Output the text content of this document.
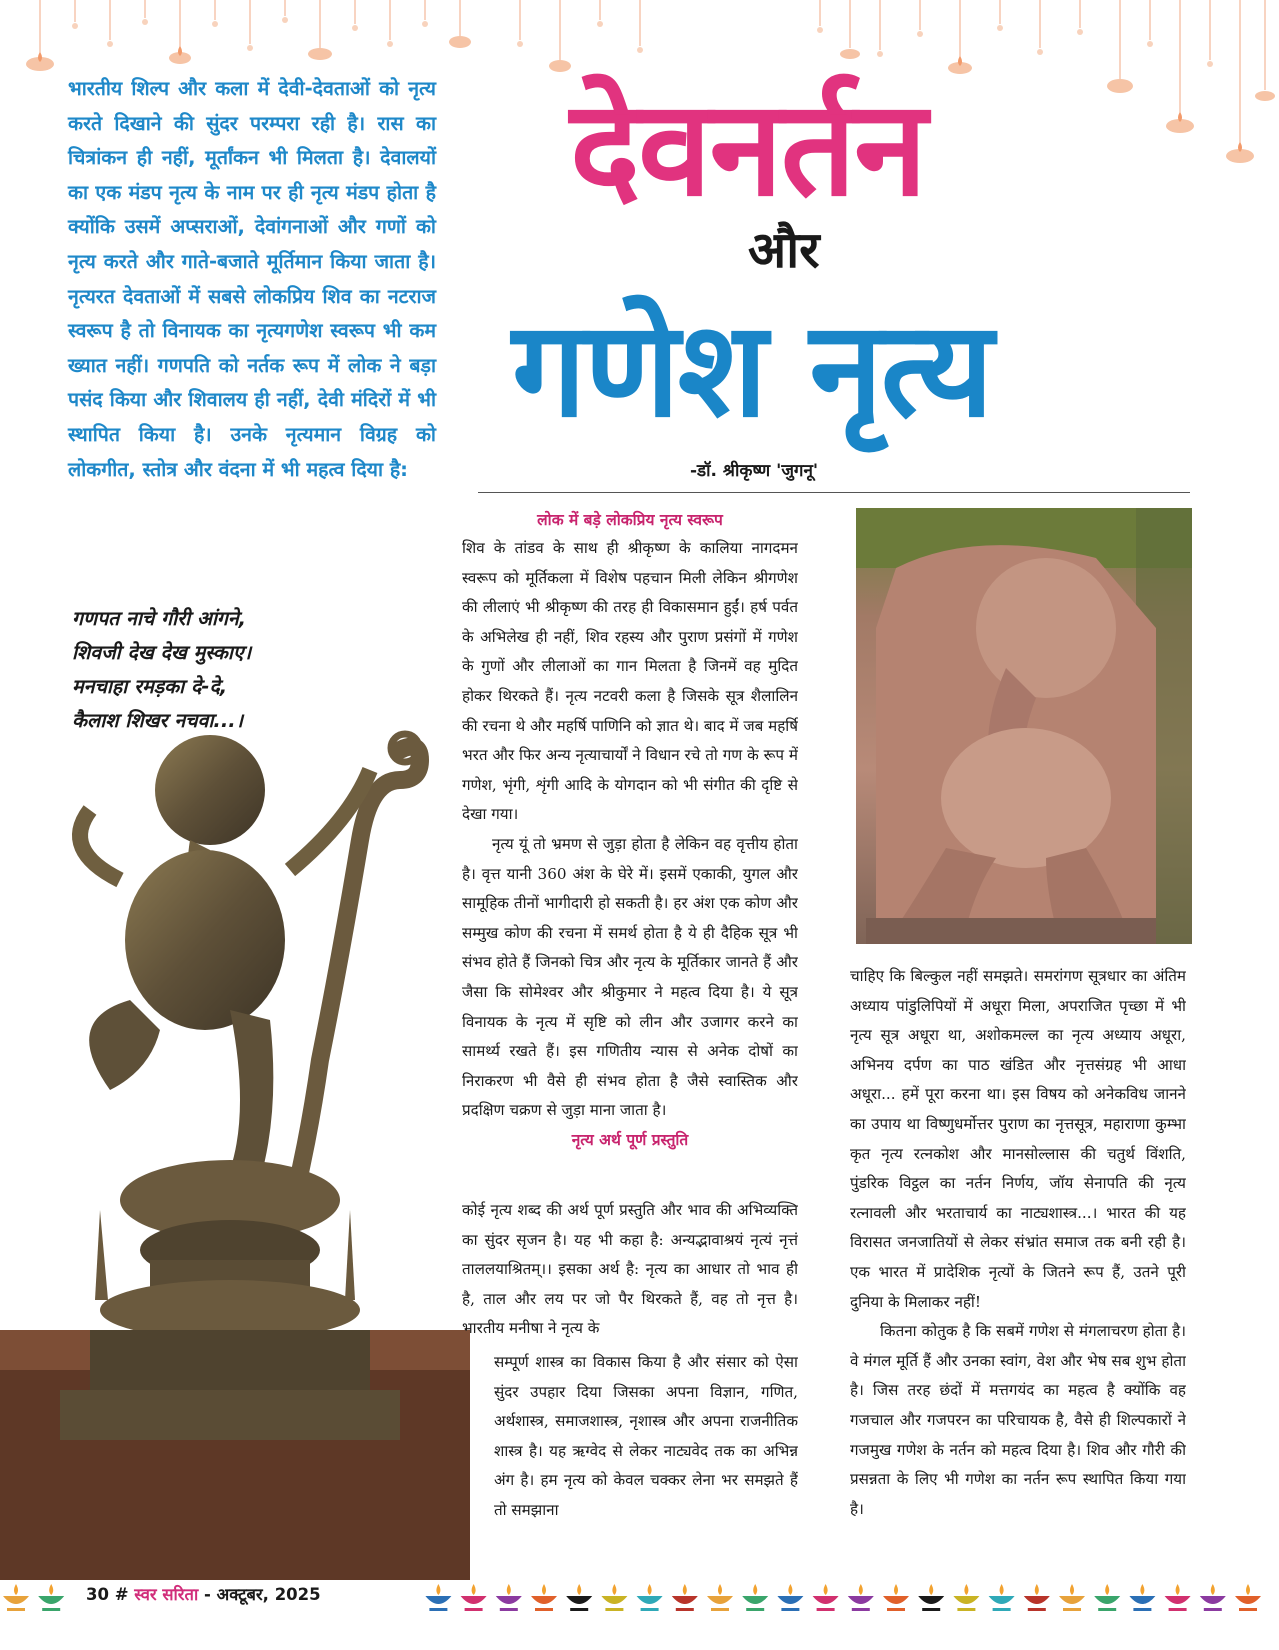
भारतीय शिल्प और कला में देवी-देवताओं को नृत्य करते दिखाने की सुंदर परम्परा रही है। रास का चित्रांकन ही नहीं, मूर्तांकन भी मिलता है। देवालयों का एक मंडप नृत्य के नाम पर ही नृत्य मंडप होता है क्योंकि उसमें अप्सराओं, देवांगनाओं और गणों को नृत्य करते और गाते-बजाते मूर्तिमान किया जाता है। नृत्यरत देवताओं में सबसे लोकप्रिय शिव का नटराज स्वरूप है तो विनायक का नृत्यगणेश स्वरूप भी कम ख्यात नहीं। गणपति को नर्तक रूप में लोक ने बड़ा पसंद किया और शिवालय ही नहीं, देवी मंदिरों में भी स्थापित किया है। उनके नृत्यमान विग्रह को लोकगीत, स्तोत्र और वंदना में भी महत्व दिया है:
गणपत नाचे गौरी आंगने,
शिवजी देख देख मुस्काए।
मनचाहा रमड़का दे-दे,
कैलाश शिखर नचवा...।
देवनर्तन
और
गणेश नृत्य
-डॉ. श्रीकृष्ण 'जुगनू'

लोक में बड़े लोकप्रिय नृत्य स्वरूप

शिव के तांडव के साथ ही श्रीकृष्ण के कालिया नागदमन स्वरूप को मूर्तिकला में विशेष पहचान मिली लेकिन श्रीगणेश की लीलाएं भी श्रीकृष्ण की तरह ही विकासमान हुईं। हर्ष पर्वत के अभिलेख ही नहीं, शिव रहस्य और पुराण प्रसंगों में गणेश के गुणों और लीलाओं का गान मिलता है जिनमें वह मुदित होकर थिरकते हैं। नृत्य नटवरी कला है जिसके सूत्र शैलालिन की रचना थे और महर्षि पाणिनि को ज्ञात थे। बाद में जब महर्षि भरत और फिर अन्य नृत्याचार्यों ने विधान रचे तो गण के रूप में गणेश, भृंगी, शृंगी आदि के योगदान को भी संगीत की दृष्टि से देखा गया।

नृत्य यूं तो भ्रमण से जुड़ा होता है लेकिन वह वृत्तीय होता है। वृत्त यानी 360 अंश के घेरे में। इसमें एकाकी, युगल और सामूहिक तीनों भागीदारी हो सकती है। हर अंश एक कोण और सम्मुख कोण की रचना में समर्थ होता है ये ही दैहिक सूत्र भी संभव होते हैं जिनको चित्र और नृत्य के मूर्तिकार जानते हैं और जैसा कि सोमेश्वर और श्रीकुमार ने महत्व दिया है। ये सूत्र विनायक के नृत्य में सृष्टि को लीन और उजागर करने का सामर्थ्य रखते हैं। इस गणितीय न्यास से अनेक दोषों का निराकरण भी वैसे ही संभव होता है जैसे स्वास्तिक और प्रदक्षिण चक्रण से जुड़ा माना जाता है।

नृत्य अर्थ पूर्ण प्रस्तुति

कोई नृत्य शब्द की अर्थ पूर्ण प्रस्तुति और भाव की अभिव्यक्ति का सुंदर सृजन है। यह भी कहा है: अन्यद्भावाश्रयं नृत्यं नृत्तं ताललयाश्रितम्।। इसका अर्थ है: नृत्य का आधार तो भाव ही है, ताल और लय पर जो पैर थिरकते हैं, वह तो नृत्त है। भारतीय मनीषा ने नृत्य के

सम्पूर्ण शास्त्र का विकास किया है और संसार को ऐसा सुंदर उपहार दिया जिसका अपना विज्ञान, गणित, अर्थशास्त्र, समाजशास्त्र, नृशास्त्र और अपना राजनीतिक शास्त्र है। यह ऋग्वेद से लेकर नाट्यवेद तक का अभिन्न अंग है। हम नृत्य को केवल चक्कर लेना भर समझते हैं तो समझाना

चाहिए कि बिल्कुल नहीं समझते। समरांगण सूत्रधार का अंतिम अध्याय पांडुलिपियों में अधूरा मिला, अपराजित पृच्छा में भी नृत्य सूत्र अधूरा था, अशोकमल्ल का नृत्य अध्याय अधूरा, अभिनय दर्पण का पाठ खंडित और नृत्तसंग्रह भी आधा अधूरा... हमें पूरा करना था। इस विषय को अनेकविध जानने का उपाय था विष्णुधर्मोत्तर पुराण का नृत्तसूत्र, महाराणा कुम्भा कृत नृत्य रत्नकोश और मानसोल्लास की चतुर्थ विंशति, पुंडरिक विट्ठल का नर्तन निर्णय, जॉय सेनापति की नृत्य रत्नावली और भरताचार्य का नाट्यशास्त्र...। भारत की यह विरासत जनजातियों से लेकर संभ्रांत समाज तक बनी रही है। एक भारत में प्रादेशिक नृत्यों के जितने रूप हैं, उतने पूरी दुनिया के मिलाकर नहीं!

कितना कोतुक है कि सबमें गणेश से मंगलाचरण होता है। वे मंगल मूर्ति हैं और उनका स्वांग, वेश और भेष सब शुभ होता है। जिस तरह छंदों में मत्तगयंद का महत्व है क्योंकि वह गजचाल और गजपरन का परिचायक है, वैसे ही शिल्पकारों ने गजमुख गणेश के नर्तन को महत्व दिया है। शिव और गौरी की प्रसन्नता के लिए भी गणेश का नर्तन रूप स्थापित किया गया है।

30 # स्वर सरिता - अक्टूबर, 2025
